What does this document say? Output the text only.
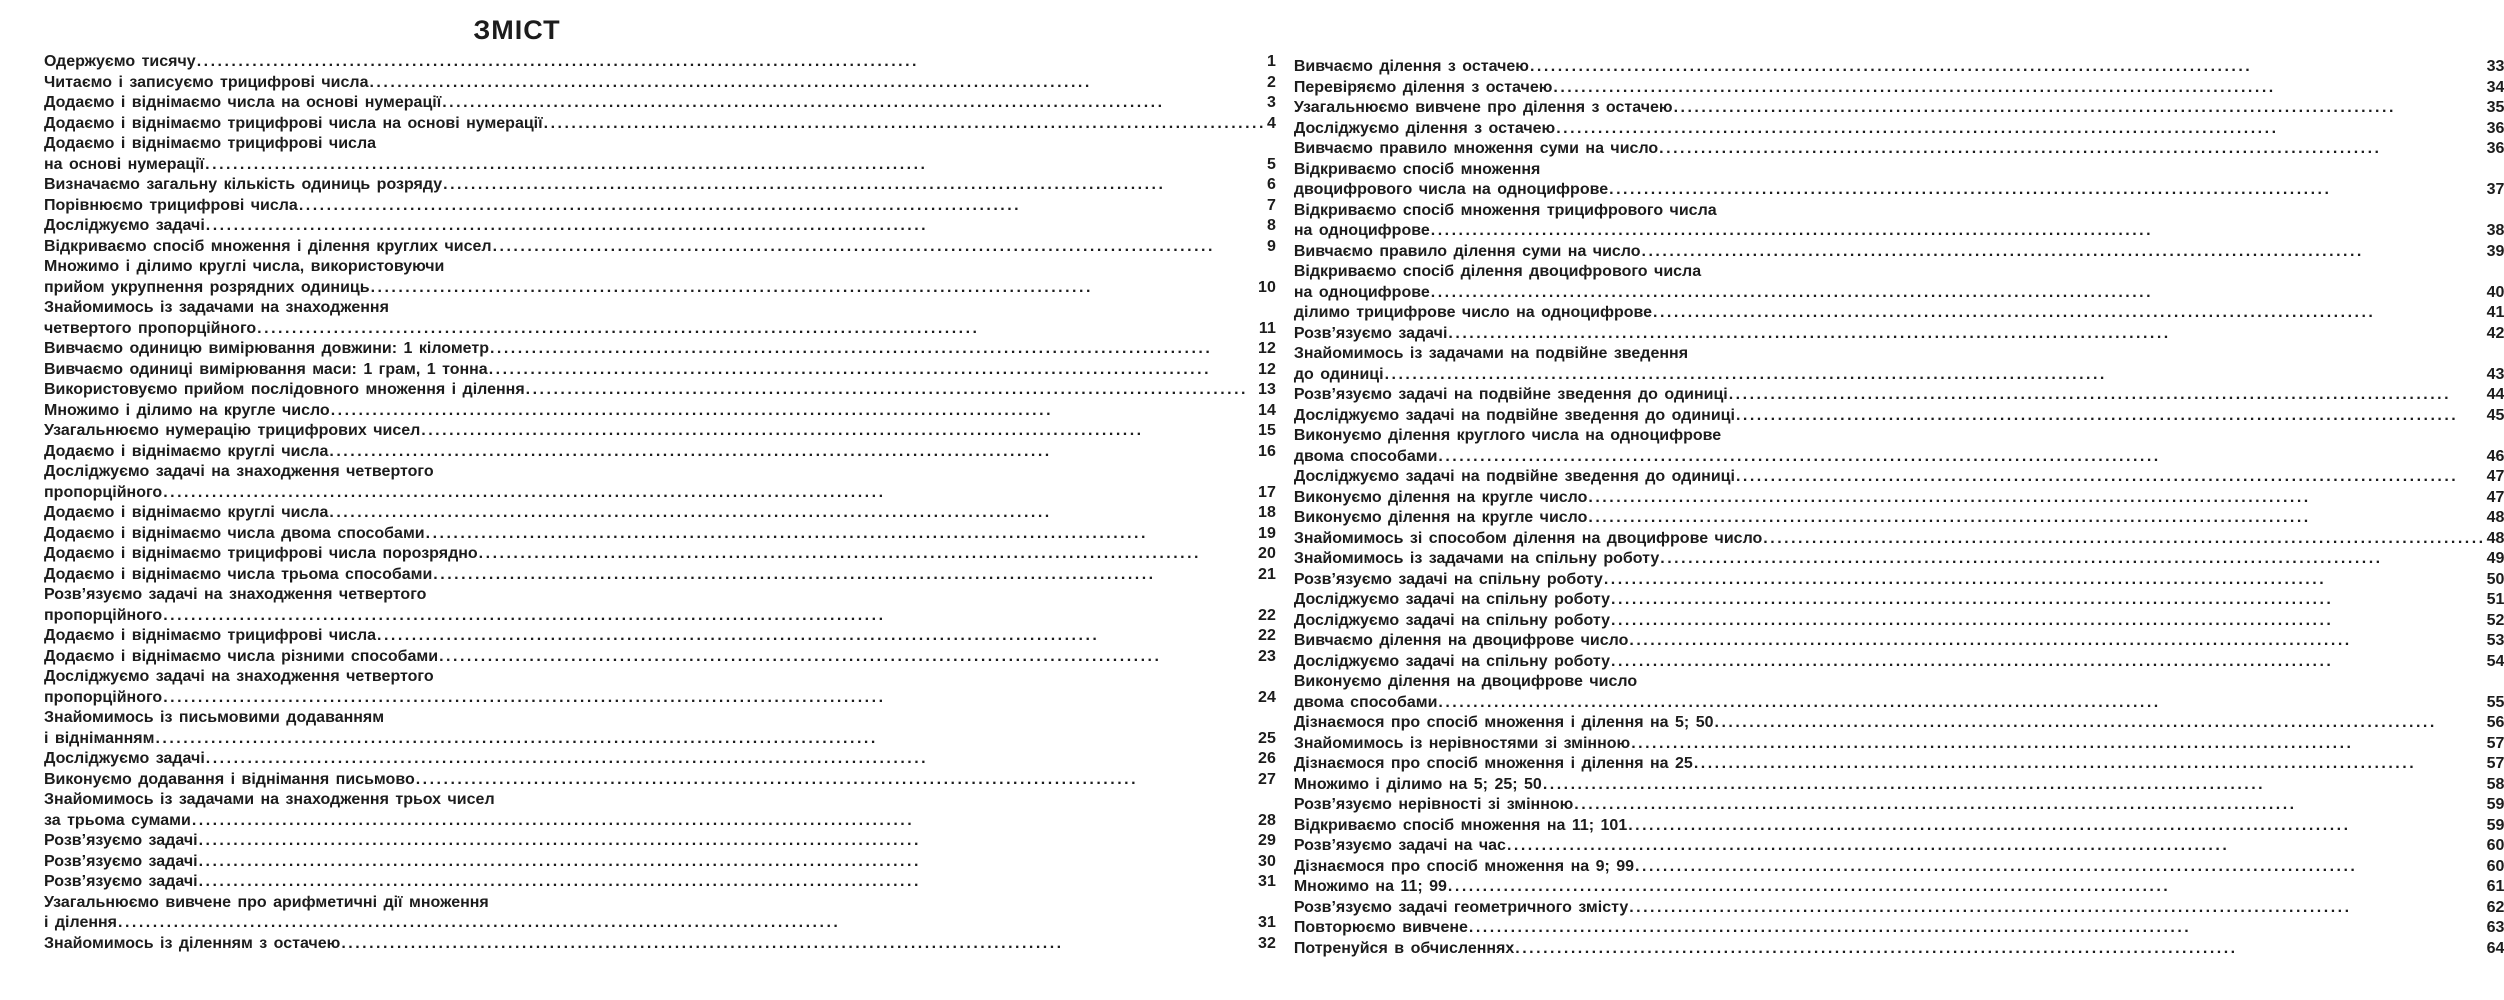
ЗМІСТ
Одержуємо тисячу .....	1
Читаємо і записуємо трицифрові числа .....	2
Додаємо і віднімаємо числа на основі нумерації .....	3
Додаємо і віднімаємо трицифрові числа на основі нумерації .....	4
Додаємо і віднімаємо трицифрові числа
на основі нумерації .....	5
Визначаємо загальну кількість одиниць розряду .....	6
Порівнюємо трицифрові числа .....	7
Досліджуємо задачі .....	8
Відкриваємо спосіб множення і ділення круглих чисел .....	9
Множимо і ділимо круглі числа, використовуючи
прийом укрупнення розрядних одиниць .....	10
Знайомимось із задачами на знаходження
четвертого пропорційного .....	11
Вивчаємо одиницю вимірювання довжини: 1 кілометр .....	12
Вивчаємо одиниці вимірювання маси: 1 грам, 1 тонна .....	12
Використовуємо прийом послідовного множення і ділення .....	13
Множимо і ділимо на кругле число .....	14
Узагальнюємо нумерацію трицифрових чисел .....	15
Додаємо і віднімаємо круглі числа .....	16
Досліджуємо задачі на знаходження четвертого
пропорційного .....	17
Додаємо і віднімаємо круглі числа .....	18
Додаємо і віднімаємо числа двома способами .....	19
Додаємо і віднімаємо трицифрові числа порозрядно .....	20
Додаємо і віднімаємо числа трьома способами .....	21
Розв’язуємо задачі на знаходження четвертого
пропорційного .....	22
Додаємо і віднімаємо трицифрові числа .....	22
Додаємо і віднімаємо числа різними способами .....	23
Досліджуємо задачі на знаходження четвертого
пропорційного .....	24
Знайомимось із письмовими додаванням
і відніманням .....	25
Досліджуємо задачі .....	26
Виконуємо додавання і віднімання письмово .....	27
Знайомимось із задачами на знаходження трьох чисел
за трьома сумами .....	28
Розв’язуємо задачі .....	29
Розв’язуємо задачі .....	30
Розв’язуємо задачі .....	31
Узагальнюємо вивчене про арифметичні дії множення
і ділення .....	31
Знайомимось із діленням з остачею .....	32
Вивчаємо ділення з остачею .....	33
Перевіряємо ділення з остачею .....	34
Узагальнюємо вивчене про ділення з остачею .....	35
Досліджуємо ділення з остачею .....	36
Вивчаємо правило множення суми на число .....	36
Відкриваємо спосіб множення
двоцифрового числа на одноцифрове .....	37
Відкриваємо спосіб множення трицифрового числа
на одноцифрове .....	38
Вивчаємо правило ділення суми на число .....	39
Відкриваємо спосіб ділення двоцифрового числа
на одноцифрове .....	40
ділимо трицифрове число на одноцифрове .....	41
Розв’язуємо задачі .....	42
Знайомимось із задачами на подвійне зведення
до одиниці .....	43
Розв’язуємо задачі на подвійне зведення до одиниці .....	44
Досліджуємо задачі на подвійне зведення до одиниці .....	45
Виконуємо ділення круглого числа на одноцифрове
двома способами .....	46
Досліджуємо задачі на подвійне зведення до одиниці .....	47
Виконуємо ділення на кругле число .....	47
Виконуємо ділення на кругле число .....	48
Знайомимось зі способом ділення на двоцифрове число .....	48
Знайомимось із задачами на спільну роботу .....	49
Розв’язуємо задачі на спільну роботу .....	50
Досліджуємо задачі на спільну роботу .....	51
Досліджуємо задачі на спільну роботу .....	52
Вивчаємо ділення на двоцифрове число .....	53
Досліджуємо задачі на спільну роботу .....	54
Виконуємо ділення на двоцифрове число
двома способами .....	55
Дізнаємося про спосіб множення і ділення на 5; 50 .....	56
Знайомимось із нерівностями зі змінною .....	57
Дізнаємося про спосіб множення і ділення на 25 .....	57
Множимо і ділимо на 5; 25; 50 .....	58
Розв’язуємо нерівності зі змінною .....	59
Відкриваємо спосіб множення на 11; 101 .....	59
Розв’язуємо задачі на час .....	60
Дізнаємося про спосіб множення на 9; 99 .....	60
Множимо на 11; 99 .....	61
Розв’язуємо задачі геометричного змісту .....	62
Повторюємо вивчене .....	63
Потренуйся в обчисленнях .....	64
